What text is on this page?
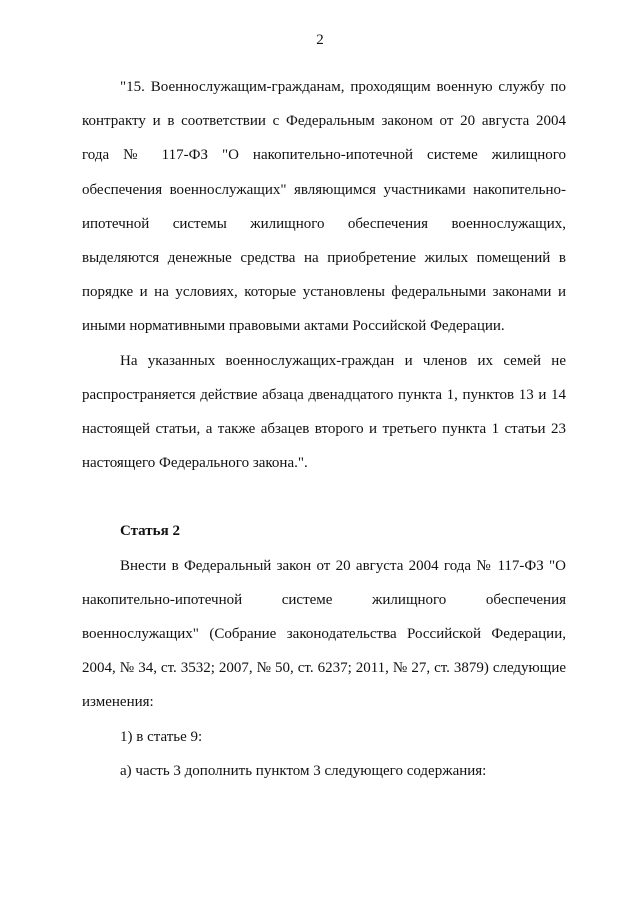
2

"15. Военнослужащим-гражданам, проходящим военную службу по контракту и в соответствии с Федеральным законом от 20 августа 2004 года № 117-ФЗ "О накопительно-ипотечной системе жилищного обеспечения военнослужащих" являющимся участниками накопительно-ипотечной системы жилищного обеспечения военнослужащих, выделяются денежные средства на приобретение жилых помещений в порядке и на условиях, которые установлены федеральными законами и иными нормативными правовыми актами Российской Федерации.

На указанных военнослужащих-граждан и членов их семей не распространяется действие абзаца двенадцатого пункта 1, пунктов 13 и 14 настоящей статьи, а также абзацев второго и третьего пункта 1 статьи 23 настоящего Федерального закона.".

Статья 2

Внести в Федеральный закон от 20 августа 2004 года № 117-ФЗ "О накопительно-ипотечной системе жилищного обеспечения военнослужащих" (Собрание законодательства Российской Федерации, 2004, № 34, ст. 3532; 2007, № 50, ст. 6237; 2011, № 27, ст. 3879) следующие изменения:

1) в статье 9:

а) часть 3 дополнить пунктом 3 следующего содержания:
